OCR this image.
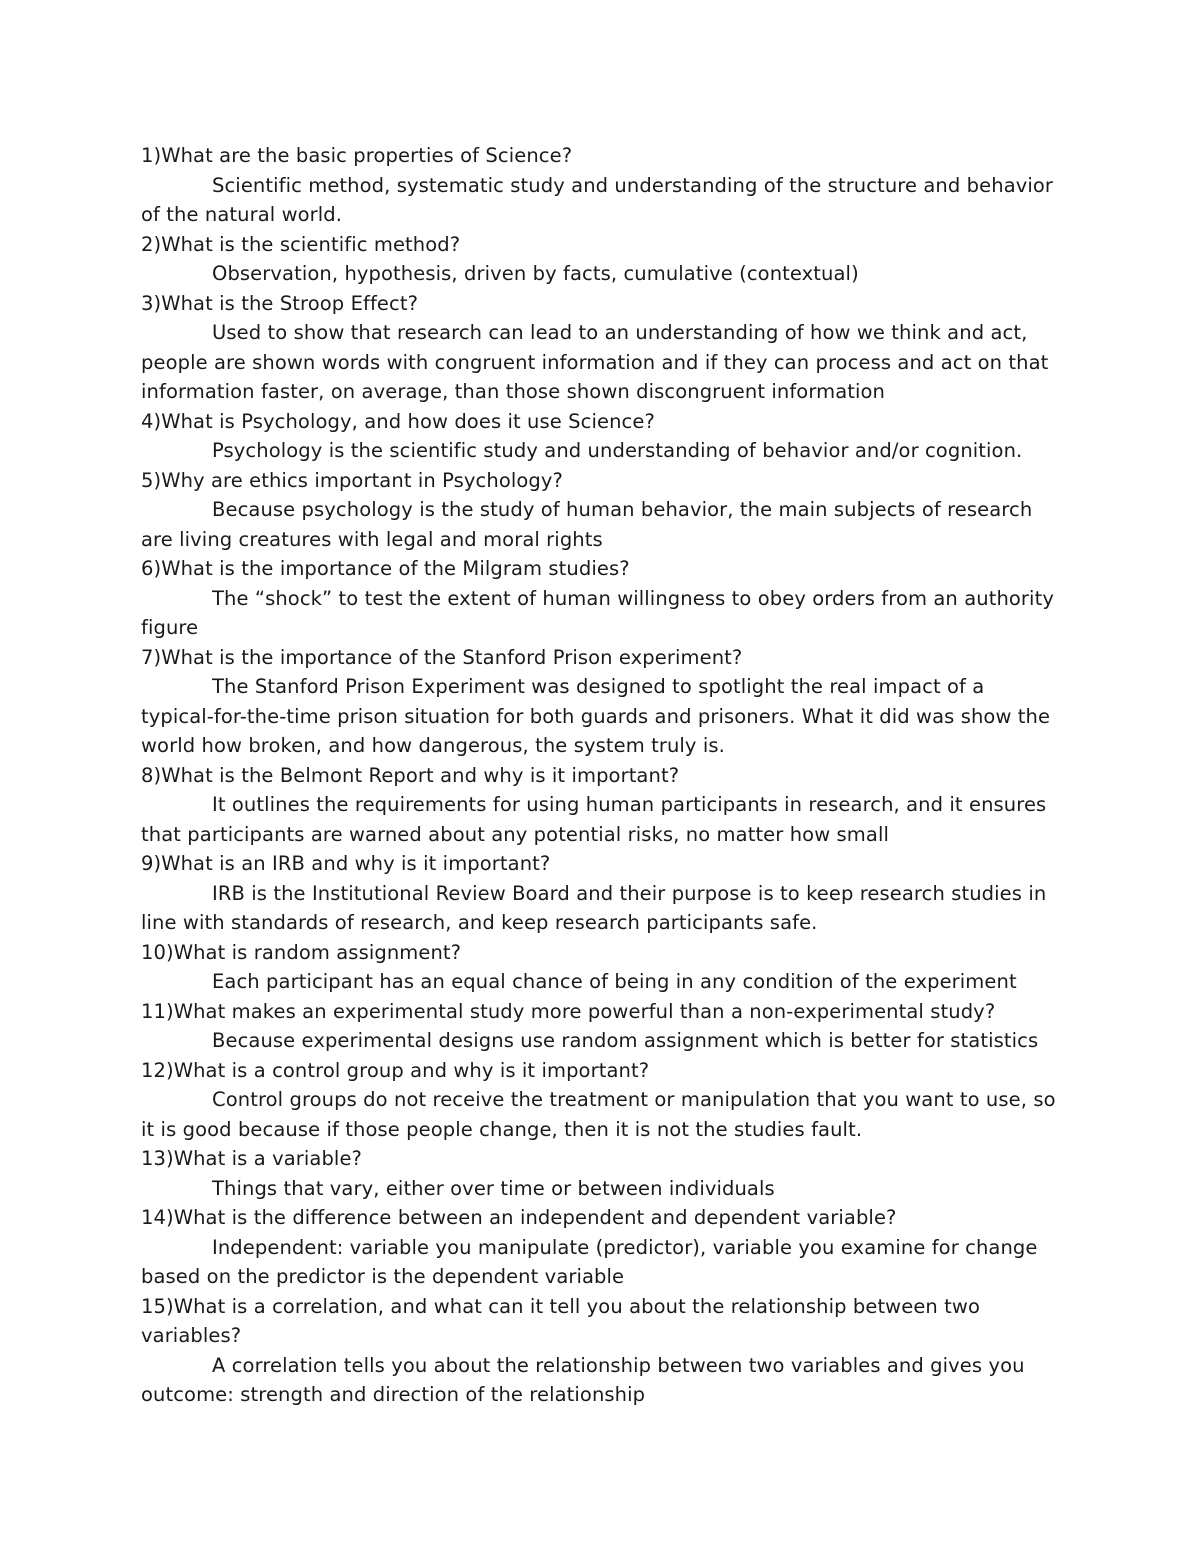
1)What are the basic properties of Science?

Scientific method, systematic study and understanding of the structure and behavior of the natural world.

2)What is the scientific method?

Observation, hypothesis, driven by facts, cumulative (contextual)

3)What is the Stroop Effect?

Used to show that research can lead to an understanding of how we think and act, people are shown words with congruent information and if they can process and act on that information faster, on average, than those shown discongruent information

4)What is Psychology, and how does it use Science?

Psychology is the scientific study and understanding of behavior and/or cognition.

5)Why are ethics important in Psychology?

Because psychology is the study of human behavior, the main subjects of research are living creatures with legal and moral rights

6)What is the importance of the Milgram studies?

The “shock” to test the extent of human willingness to obey orders from an authority figure

7)What is the importance of the Stanford Prison experiment?

The Stanford Prison Experiment was designed to spotlight the real impact of a typical-for-the-time prison situation for both guards and prisoners. What it did was show the world how broken, and how dangerous, the system truly is.

8)What is the Belmont Report and why is it important?

It outlines the requirements for using human participants in research, and it ensures that participants are warned about any potential risks, no matter how small

9)What is an IRB and why is it important?

IRB is the Institutional Review Board and their purpose is to keep research studies in line with standards of research, and keep research participants safe.

10)What is random assignment?

Each participant has an equal chance of being in any condition of the experiment

11)What makes an experimental study more powerful than a non-experimental study?

Because experimental designs use random assignment which is better for statistics

12)What is a control group and why is it important?

Control groups do not receive the treatment or manipulation that you want to use, so it is good because if those people change, then it is not the studies fault.

13)What is a variable?

Things that vary, either over time or between individuals

14)What is the difference between an independent and dependent variable?

Independent: variable you manipulate (predictor), variable you examine for change based on the predictor is the dependent variable

15)What is a correlation, and what can it tell you about the relationship between two variables?

A correlation tells you about the relationship between two variables and gives you outcome: strength and direction of the relationship
